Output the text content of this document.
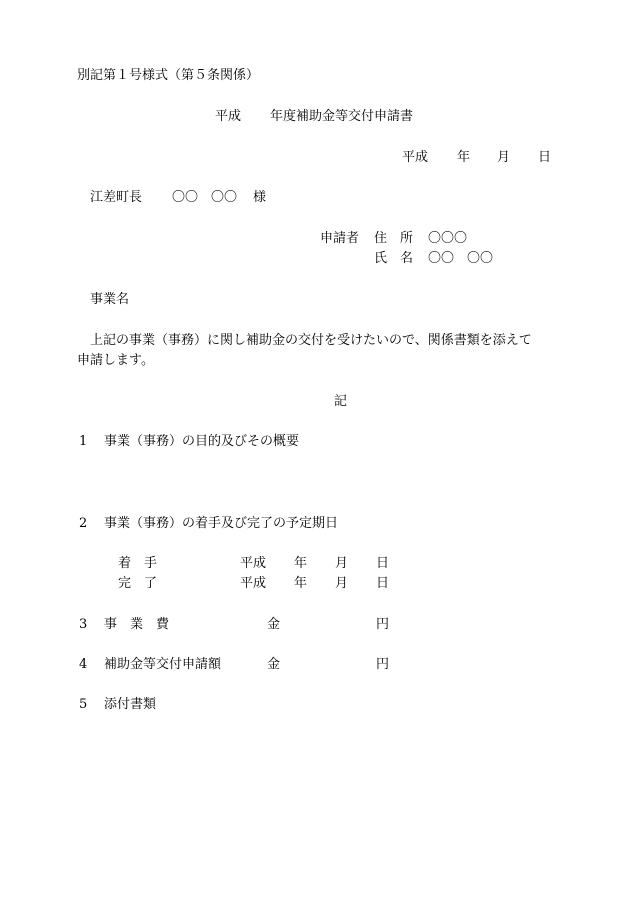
別記第１号様式（第５条関係）
平成 年度補助金等交付申請書
平成 年 月 日
江差町長 〇〇　〇〇 様
申請者 住　所 〇〇〇
氏　名 〇〇　〇〇
事業名
上記の事業（事務）に関し補助金の交付を受けたいので、関係書類を添えて
申請します。
記
1 事業（事務）の目的及びその概要
2 事業（事務）の着手及び完了の予定期日
着　手	平成 年 月 日
完　了	平成 年 月 日
3 事　業　費	金	円
4 補助金等交付申請額	金	円
5 添付書類
